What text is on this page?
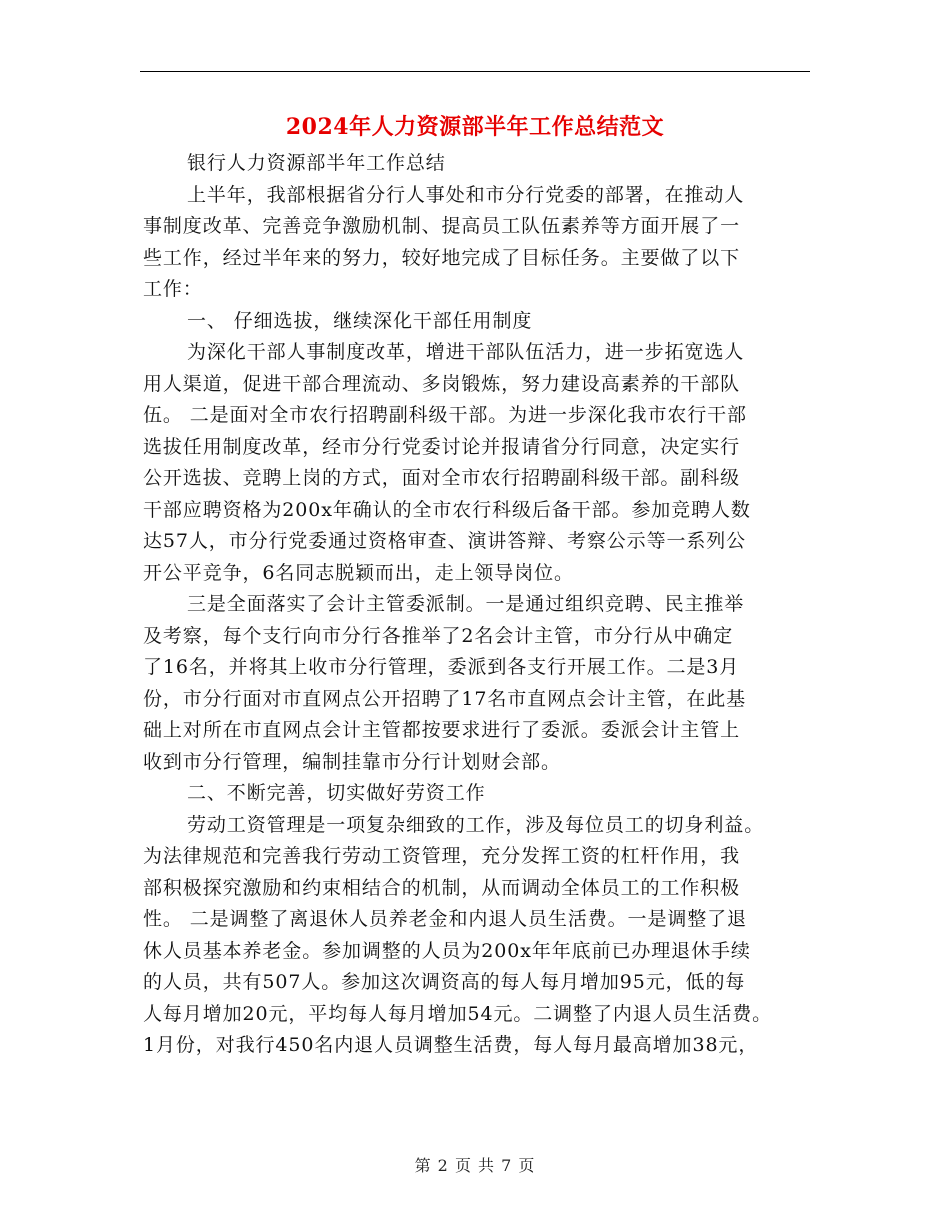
2024年人力资源部半年工作总结范文
银行人力资源部半年工作总结
上半年，我部根据省分行人事处和市分行党委的部署，在推动人
事制度改革、完善竞争激励机制、提高员工队伍素养等方面开展了一
些工作，经过半年来的努力，较好地完成了目标任务。主要做了以下
工作：
一、 仔细选拔，继续深化干部任用制度
为深化干部人事制度改革，增进干部队伍活力，进一步拓宽选人
用人渠道，促进干部合理流动、多岗锻炼，努力建设高素养的干部队
伍。 二是面对全市农行招聘副科级干部。为进一步深化我市农行干部
选拔任用制度改革，经市分行党委讨论并报请省分行同意，决定实行
公开选拔、竞聘上岗的方式，面对全市农行招聘副科级干部。副科级
干部应聘资格为200x年确认的全市农行科级后备干部。参加竞聘人数
达57人，市分行党委通过资格审查、演讲答辩、考察公示等一系列公
开公平竞争，6名同志脱颖而出，走上领导岗位。
三是全面落实了会计主管委派制。一是通过组织竞聘、民主推举
及考察，每个支行向市分行各推举了2名会计主管，市分行从中确定
了16名，并将其上收市分行管理，委派到各支行开展工作。二是3月
份，市分行面对市直网点公开招聘了17名市直网点会计主管，在此基
础上对所在市直网点会计主管都按要求进行了委派。委派会计主管上
收到市分行管理，编制挂靠市分行计划财会部。
二、不断完善，切实做好劳资工作
劳动工资管理是一项复杂细致的工作，涉及每位员工的切身利益。
为法律规范和完善我行劳动工资管理，充分发挥工资的杠杆作用，我
部积极探究激励和约束相结合的机制，从而调动全体员工的工作积极
性。 二是调整了离退休人员养老金和内退人员生活费。一是调整了退
休人员基本养老金。参加调整的人员为200x年年底前已办理退休手续
的人员，共有507人。参加这次调资高的每人每月增加95元，低的每
人每月增加20元，平均每人每月增加54元。二调整了内退人员生活费。
1月份，对我行450名内退人员调整生活费，每人每月最高增加38元，
第 2 页 共 7 页
